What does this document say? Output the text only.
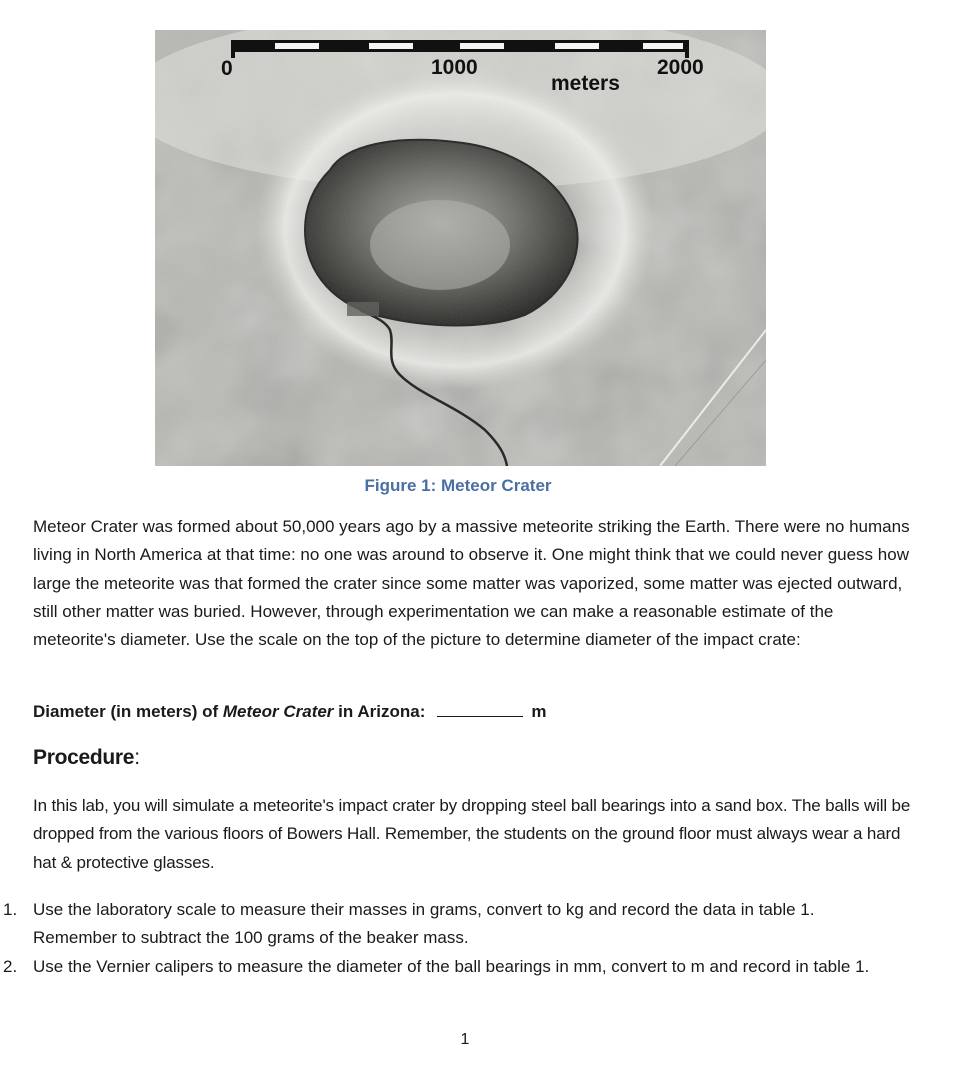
0	1000	2000
meters
Figure 1: Meteor Crater

Meteor Crater was formed about 50,000 years ago by a massive meteorite striking the Earth. There were no humans living in North America at that time: no one was around to observe it. One might think that we could never guess how large the meteorite was that formed the crater since some matter was vaporized, some matter was ejected outward, still other matter was buried. However, through experimentation we can make a reasonable estimate of the meteorite's diameter. Use the scale on the top of the picture to determine diameter of the impact crate:

Diameter (in meters) of Meteor Crater in Arizona:	m
Procedure:

In this lab, you will simulate a meteorite's impact crater by dropping steel ball bearings into a sand box. The balls will be dropped from the various floors of Bowers Hall. Remember, the students on the ground floor must always wear a hard hat & protective glasses.

1. Use the laboratory scale to measure their masses in grams, convert to kg and record the data in table 1. Remember to subtract the 100 grams of the beaker mass.
2. Use the Vernier calipers to measure the diameter of the ball bearings in mm, convert to m and record in table 1.
1
